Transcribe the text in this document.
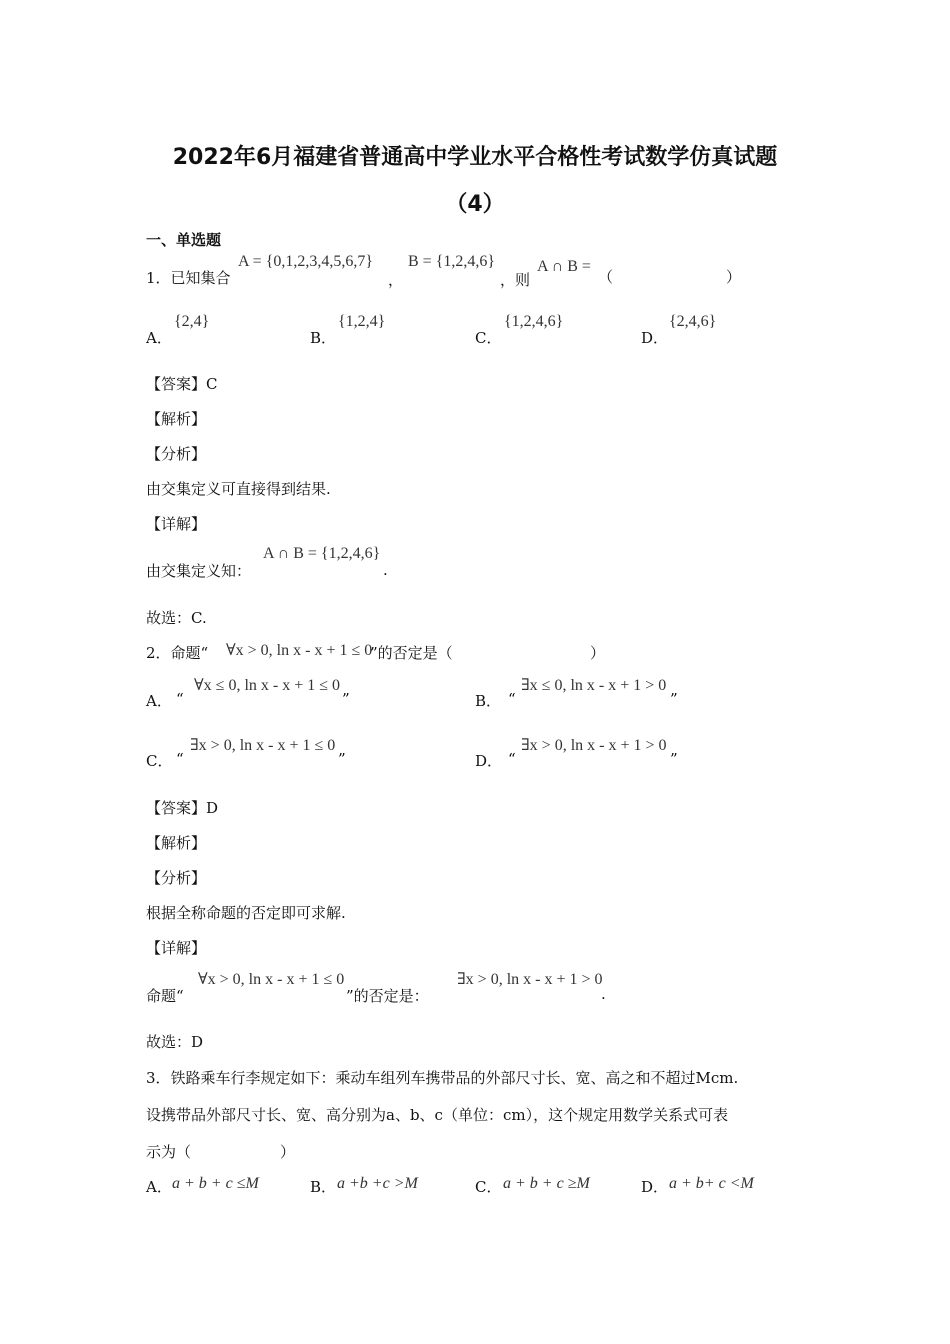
2022年6月福建省普通高中学业水平合格性考试数学仿真试题
（4）
一、单选题
1．已知集合
A = {0,1,2,3,4,5,6,7}
，
B = {1,2,4,6}
，则
A ∩ B =
（	）
A．
{2,4}
B．
{1,2,4}
C．
{1,2,4,6}
D．
{2,4,6}
【答案】C
【解析】
【分析】
由交集定义可直接得到结果.
【详解】
由交集定义知：
A ∩ B = {1,2,4,6}
.
故选：C.
2．命题“ ∀x > 0, ln x - x + 1 ≤ 0
”的否定是（	）
A． “
∀x ≤ 0, ln x - x + 1 ≤ 0
”	B． “
∃x ≤ 0, ln x - x + 1 > 0
”
C． “
∃x > 0, ln x - x + 1 ≤ 0
”	D． “
∃x > 0, ln x - x + 1 > 0
”
【答案】D
【解析】
【分析】
根据全称命题的否定即可求解.
【详解】
命题“
∀x > 0, ln x - x + 1 ≤ 0
”的否定是：
∃x > 0, ln x - x + 1 > 0
.
故选：D
3．铁路乘车行李规定如下：乘动车组列车携带品的外部尺寸长、宽、高之和不超过Mcm.
设携带品外部尺寸长、宽、高分别为a、b、c（单位：cm），这个规定用数学关系式可表
示为（	）
A． a + b + c ≤M	B． a +b +c >M	C． a + b + c ≥M	D． a + b+ c <M
